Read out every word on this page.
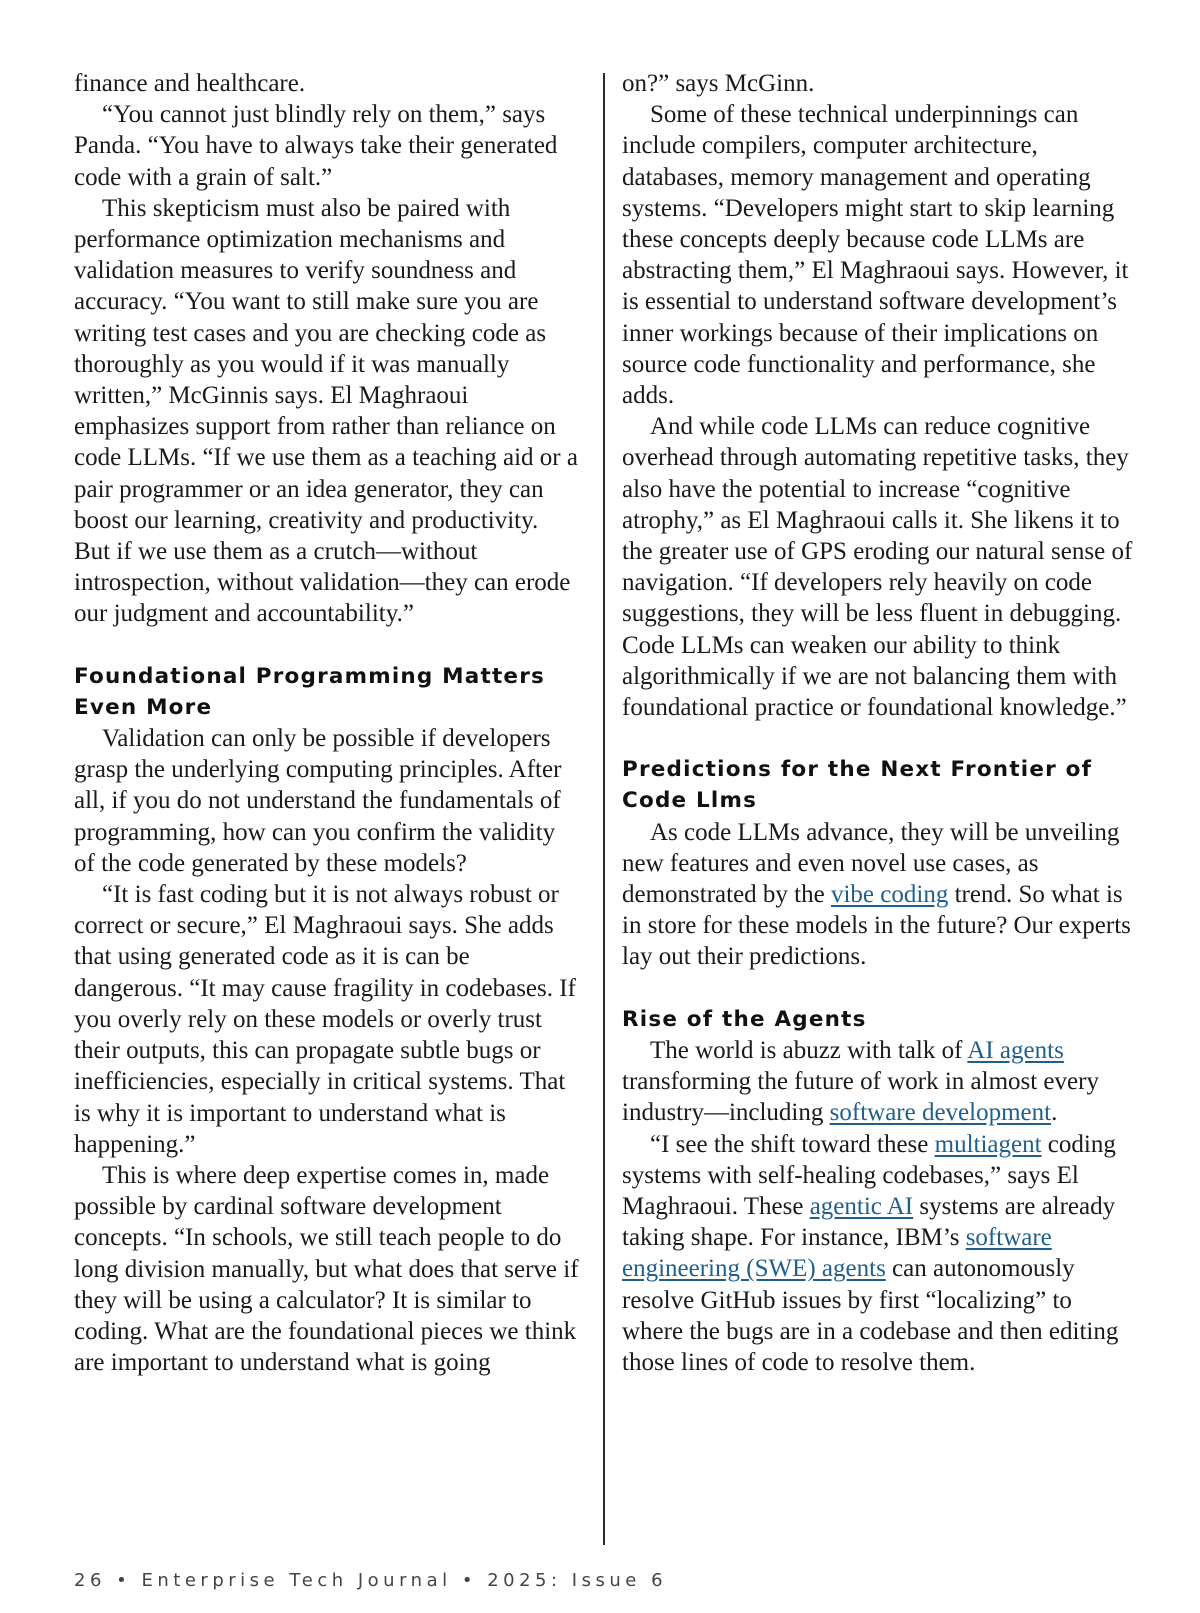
finance and healthcare.

“You cannot just blindly rely on them,” says Panda. “You have to always take their generated code with a grain of salt.”

This skepticism must also be paired with performance optimization mechanisms and validation measures to verify soundness and accuracy. “You want to still make sure you are writing test cases and you are checking code as thoroughly as you would if it was manually written,” McGinnis says. El Maghraoui emphasizes support from rather than reliance on code LLMs. “If we use them as a teaching aid or a pair programmer or an idea generator, they can boost our learning, creativity and productivity. But if we use them as a crutch—without introspection, without validation—they can erode our judgment and accountability.”

Foundational Programming Matters Even More

Validation can only be possible if developers grasp the underlying computing principles. After all, if you do not understand the fundamentals of programming, how can you confirm the validity of the code generated by these models?

“It is fast coding but it is not always robust or correct or secure,” El Maghraoui says. She adds that using generated code as it is can be dangerous. “It may cause fragility in codebases. If you overly rely on these models or overly trust their outputs, this can propagate subtle bugs or inefficiencies, especially in critical systems. That is why it is important to understand what is happening.”

This is where deep expertise comes in, made possible by cardinal software development concepts. “In schools, we still teach people to do long division manually, but what does that serve if they will be using a calculator? It is similar to coding. What are the foundational pieces we think are important to understand what is going

on?” says McGinn.

Some of these technical underpinnings can include compilers, computer architecture, databases, memory management and operating systems. “Developers might start to skip learning these concepts deeply because code LLMs are abstracting them,” El Maghraoui says. However, it is essential to understand software development’s inner workings because of their implications on source code functionality and performance, she adds.

And while code LLMs can reduce cognitive overhead through automating repetitive tasks, they also have the potential to increase “cognitive atrophy,” as El Maghraoui calls it. She likens it to the greater use of GPS eroding our natural sense of navigation. “If developers rely heavily on code suggestions, they will be less fluent in debugging. Code LLMs can weaken our ability to think algorithmically if we are not balancing them with foundational practice or foundational knowledge.”

Predictions for the Next Frontier of Code Llms

As code LLMs advance, they will be unveiling new features and even novel use cases, as demonstrated by the vibe coding trend. So what is in store for these models in the future? Our experts lay out their predictions.

Rise of the Agents

The world is abuzz with talk of AI agents transforming the future of work in almost every industry—including software development.

“I see the shift toward these multiagent coding systems with self-healing codebases,” says El Maghraoui. These agentic AI systems are already taking shape. For instance, IBM’s software engineering (SWE) agents can autonomously resolve GitHub issues by first “localizing” to where the bugs are in a codebase and then editing those lines of code to resolve them.

26 • Enterprise Tech Journal • 2025: Issue 6
